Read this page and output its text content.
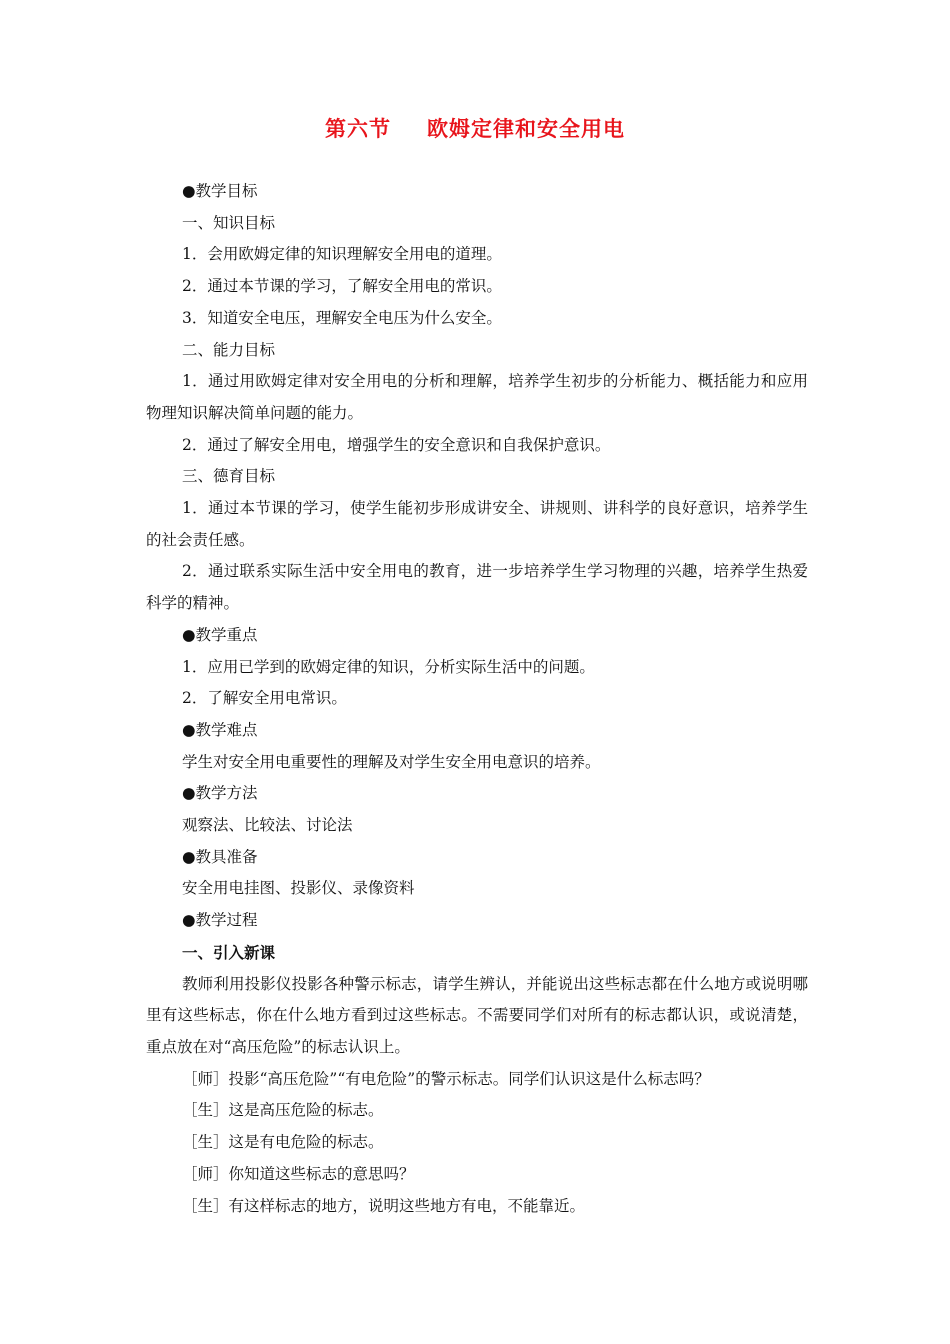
第六节 欧姆定律和安全用电

●教学目标

一、知识目标

1．会用欧姆定律的知识理解安全用电的道理。

2．通过本节课的学习，了解安全用电的常识。

3．知道安全电压，理解安全电压为什么安全。

二、能力目标

1．通过用欧姆定律对安全用电的分析和理解，培养学生初步的分析能力、概括能力和应用物理知识解决简单问题的能力。

2．通过了解安全用电，增强学生的安全意识和自我保护意识。

三、德育目标

1．通过本节课的学习，使学生能初步形成讲安全、讲规则、讲科学的良好意识，培养学生的社会责任感。

2．通过联系实际生活中安全用电的教育，进一步培养学生学习物理的兴趣，培养学生热爱科学的精神。

●教学重点

1．应用已学到的欧姆定律的知识，分析实际生活中的问题。

2．了解安全用电常识。

●教学难点

学生对安全用电重要性的理解及对学生安全用电意识的培养。

●教学方法

观察法、比较法、讨论法

●教具准备

安全用电挂图、投影仪、录像资料

●教学过程

一、引入新课

教师利用投影仪投影各种警示标志，请学生辨认，并能说出这些标志都在什么地方或说明哪里有这些标志，你在什么地方看到过这些标志。不需要同学们对所有的标志都认识，或说清楚，重点放在对“高压危险”的标志认识上。

［师］投影“高压危险”“有电危险”的警示标志。同学们认识这是什么标志吗？

［生］这是高压危险的标志。

［生］这是有电危险的标志。

［师］你知道这些标志的意思吗？

［生］有这样标志的地方，说明这些地方有电，不能靠近。
